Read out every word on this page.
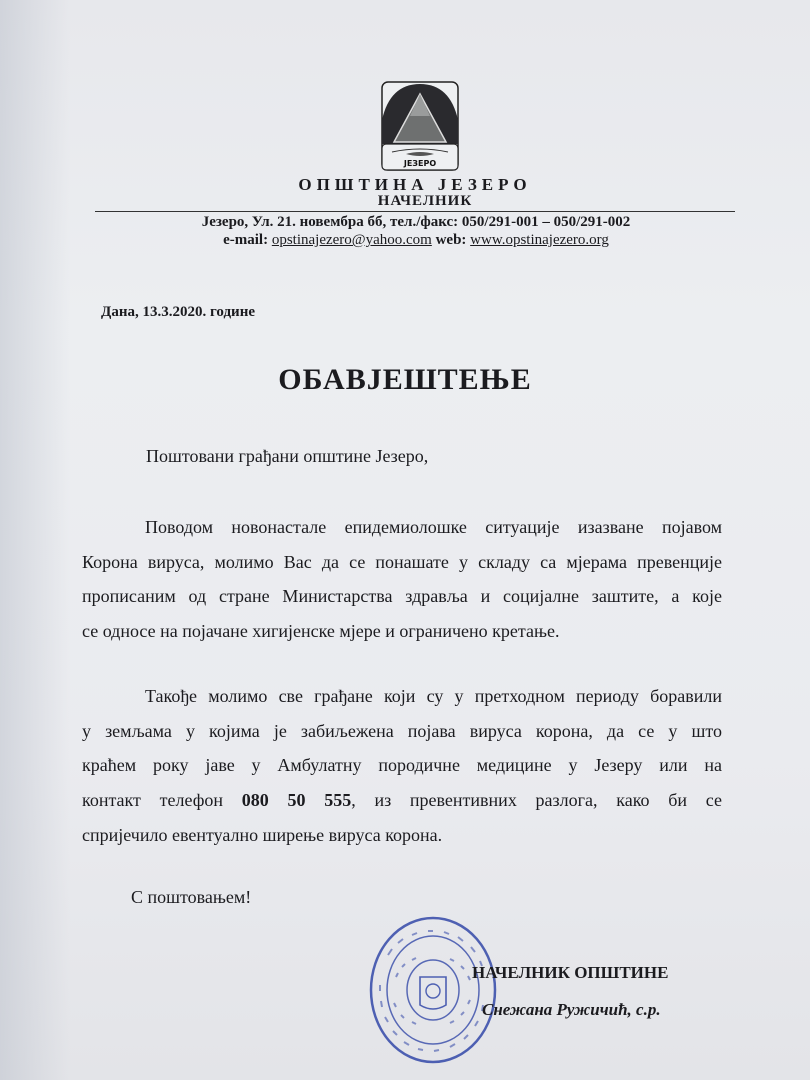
ЈЕЗЕРО
ОПШТИНА ЈЕЗЕРО
НАЧЕЛНИК
Језеро, Ул. 21. новембра бб, тел./факс: 050/291-001 – 050/291-002
e-mail: opstinajezero@yahoo.com web: www.opstinajezero.org
Дана, 13.3.2020. године
ОБАВЈЕШТЕЊЕ
Поштовани грађани општине Језеро,
Поводом новонастале епидемиолошке ситуације изазване појавом
Корона вируса, молимо Вас да се понашате у складу са мјерама превенције
прописаним од стране Министарства здравља и социјалне заштите, а које
се односе на појачане хигијенске мјере и ограничено кретање.
Такође молимо све грађане који су у претходном периоду боравили
у земљама у којима је забиљежена појава вируса корона, да се у што
краћем року јаве у Амбулатну породичне медицине у Језеру или на
контакт телефон 080 50 555, из превентивних разлога, како би се
спријечило евентуално ширење вируса корона.
С поштовањем!
НАЧЕЛНИК ОПШТИНЕ
Снежана Ружичић, с.р.
